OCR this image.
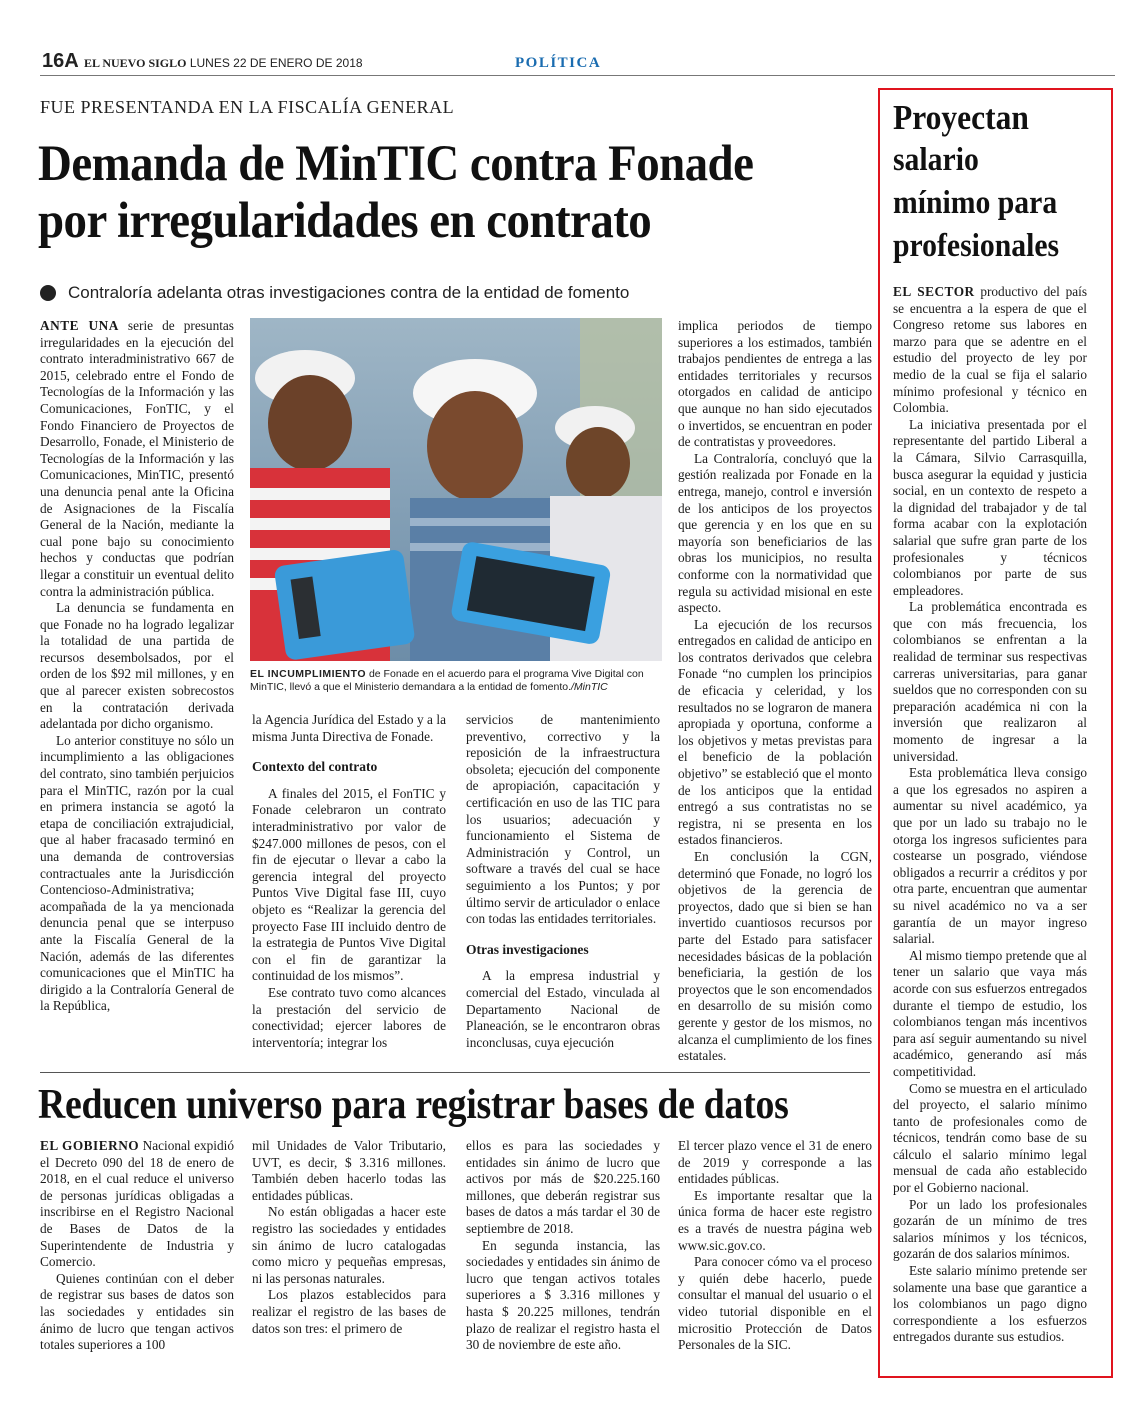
16A EL NUEVO SIGLO LUNES 22 DE ENERO DE 2018	POLÍTICA
FUE PRESENTANDA EN LA FISCALÍA GENERAL
Demanda de MinTIC contra Fonade
por irregularidades en contrato
Contraloría adelanta otras investigaciones contra de la entidad de fomento

ANTE UNA serie de presuntas irregularidades en la ejecución del contrato interadministrativo 667 de 2015, celebrado entre el Fondo de Tecnologías de la Información y las Comunicaciones, FonTIC, y el Fondo Financiero de Proyectos de Desarrollo, Fonade, el Ministerio de Tecnologías de la Información y las Comunicaciones, MinTIC, presentó una denuncia penal ante la Oficina de Asignaciones de la Fiscalía General de la Nación, mediante la cual pone bajo su conocimiento hechos y conductas que podrían llegar a constituir un eventual delito contra la administración pública.

La denuncia se fundamenta en que Fonade no ha logrado legalizar la totalidad de una partida de recursos desembolsados, por el orden de los $92 mil millones, y en que al parecer existen sobrecostos en la contratación derivada adelantada por dicho organismo.

Lo anterior constituye no sólo un incumplimiento a las obligaciones del contrato, sino también perjuicios para el MinTIC, razón por la cual en primera instancia se agotó la etapa de conciliación extrajudicial, que al haber fracasado terminó en una demanda de controversias contractuales ante la Jurisdicción Contencioso-Administrativa; acompañada de la ya mencionada denuncia penal que se interpuso ante la Fiscalía General de la Nación, además de las diferentes comunicaciones que el MinTIC ha dirigido a la Contraloría General de la República,

EL INCUMPLIMIENTO de Fonade en el acuerdo para el programa Vive Digital con MinTIC, llevó a que el Ministerio demandara a la entidad de fomento./MinTIC

la Agencia Jurídica del Estado y a la misma Junta Directiva de Fonade.

Contexto del contrato

A finales del 2015, el FonTIC y Fonade celebraron un contrato interadministrativo por valor de $247.000 millones de pesos, con el fin de ejecutar o llevar a cabo la gerencia integral del proyecto Puntos Vive Digital fase III, cuyo objeto es “Realizar la gerencia del proyecto Fase III incluido dentro de la estrategia de Puntos Vive Digital con el fin de garantizar la continuidad de los mismos”.

Ese contrato tuvo como alcances la prestación del servicio de conectividad; ejercer labores de interventoría; integrar los

servicios de mantenimiento preventivo, correctivo y la reposición de la infraestructura obsoleta; ejecución del componente de apropiación, capacitación y certificación en uso de las TIC para los usuarios; adecuación y funcionamiento el Sistema de Administración y Control, un software a través del cual se hace seguimiento a los Puntos; y por último servir de articulador o enlace con todas las entidades territoriales.

Otras investigaciones

A la empresa industrial y comercial del Estado, vinculada al Departamento Nacional de Planeación, se le encontraron obras inconclusas, cuya ejecución

implica periodos de tiempo superiores a los estimados, también trabajos pendientes de entrega a las entidades territoriales y recursos otorgados en calidad de anticipo que aunque no han sido ejecutados o invertidos, se encuentran en poder de contratistas y proveedores.

La Contraloría, concluyó que la gestión realizada por Fonade en la entrega, manejo, control e inversión de los anticipos de los proyectos que gerencia y en los que en su mayoría son beneficiarios de las obras los municipios, no resulta conforme con la normatividad que regula su actividad misional en este aspecto.

La ejecución de los recursos entregados en calidad de anticipo en los contratos derivados que celebra Fonade “no cumplen los principios de eficacia y celeridad, y los resultados no se lograron de manera apropiada y oportuna, conforme a los objetivos y metas previstas para el beneficio de la población objetivo” se estableció que el monto de los anticipos que la entidad entregó a sus contratistas no se registra, ni se presenta en los estados financieros.

En conclusión la CGN, determinó que Fonade, no logró los objetivos de la gerencia de proyectos, dado que si bien se han invertido cuantiosos recursos por parte del Estado para satisfacer necesidades básicas de la población beneficiaria, la gestión de los proyectos que le son encomendados en desarrollo de su misión como gerente y gestor de los mismos, no alcanza el cumplimiento de los fines estatales.

Proyectan
salario
mínimo para
profesionales

EL SECTOR productivo del país se encuentra a la espera de que el Congreso retome sus labores en marzo para que se adentre en el estudio del proyecto de ley por medio de la cual se fija el salario mínimo profesional y técnico en Colombia.

La iniciativa presentada por el representante del partido Liberal a la Cámara, Silvio Carrasquilla, busca asegurar la equidad y justicia social, en un contexto de respeto a la dignidad del trabajador y de tal forma acabar con la explotación salarial que sufre gran parte de los profesionales y técnicos colombianos por parte de sus empleadores.

La problemática encontrada es que con más frecuencia, los colombianos se enfrentan a la realidad de terminar sus respectivas carreras universitarias, para ganar sueldos que no corresponden con su preparación académica ni con la inversión que realizaron al momento de ingresar a la universidad.

Esta problemática lleva consigo a que los egresados no aspiren a aumentar su nivel académico, ya que por un lado su trabajo no le otorga los ingresos suficientes para costearse un posgrado, viéndose obligados a recurrir a créditos y por otra parte, encuentran que aumentar su nivel académico no va a ser garantía de un mayor ingreso salarial.

Al mismo tiempo pretende que al tener un salario que vaya más acorde con sus esfuerzos entregados durante el tiempo de estudio, los colombianos tengan más incentivos para así seguir aumentando su nivel académico, generando así más competitividad.

Como se muestra en el articulado del proyecto, el salario mínimo tanto de profesionales como de técnicos, tendrán como base de su cálculo el salario mínimo legal mensual de cada año establecido por el Gobierno nacional.

Por un lado los profesionales gozarán de un mínimo de tres salarios mínimos y los técnicos, gozarán de dos salarios mínimos.

Este salario mínimo pretende ser solamente una base que garantice a los colombianos un pago digno correspondiente a los esfuerzos entregados durante sus estudios.

Reducen universo para registrar bases de datos

EL GOBIERNO Nacional expidió el Decreto 090 del 18 de enero de 2018, en el cual reduce el universo de personas jurídicas obligadas a inscribirse en el Registro Nacional de Bases de Datos de la Superintendente de Industria y Comercio.

Quienes continúan con el deber de registrar sus bases de datos son las sociedades y entidades sin ánimo de lucro que tengan activos totales superiores a 100

mil Unidades de Valor Tributario, UVT, es decir, $ 3.316 millones. También deben hacerlo todas las entidades públicas.

No están obligadas a hacer este registro las sociedades y entidades sin ánimo de lucro catalogadas como micro y pequeñas empresas, ni las personas naturales.

Los plazos establecidos para realizar el registro de las bases de datos son tres: el primero de

ellos es para las sociedades y entidades sin ánimo de lucro que activos por más de $20.225.160 millones, que deberán registrar sus bases de datos a más tardar el 30 de septiembre de 2018.

En segunda instancia, las sociedades y entidades sin ánimo de lucro que tengan activos totales superiores a $ 3.316 millones y hasta $ 20.225 millones, tendrán plazo de realizar el registro hasta el 30 de noviembre de este año.

El tercer plazo vence el 31 de enero de 2019 y corresponde a las entidades públicas.

Es importante resaltar que la única forma de hacer este registro es a través de nuestra página web www.sic.gov.co.

Para conocer cómo va el proceso y quién debe hacerlo, puede consultar el manual del usuario o el video tutorial disponible en el micrositio Protección de Datos Personales de la SIC.
